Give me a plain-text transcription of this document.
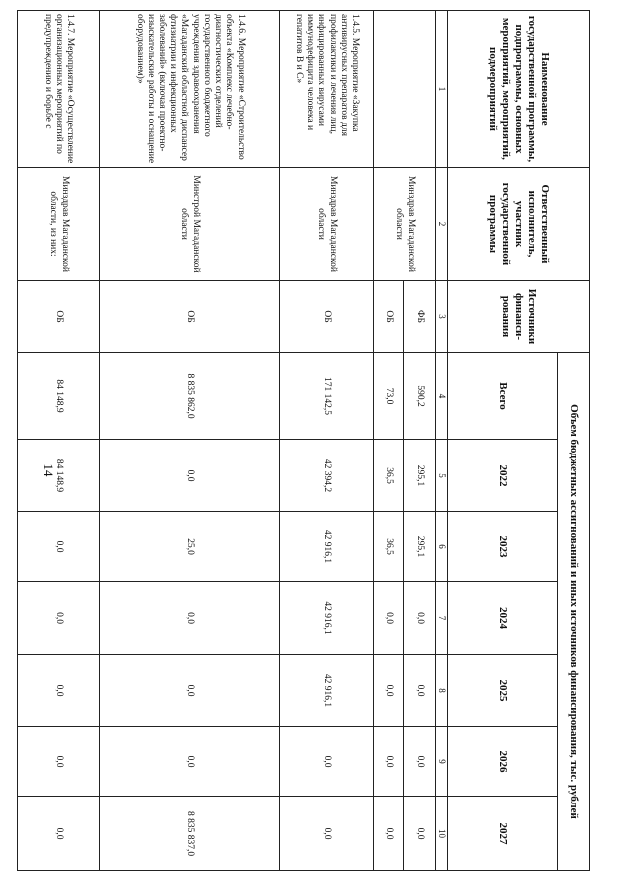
Наименование государственной программы, подпрограммы, основных мероприятий, мероприятий, подмероприятий	Ответственный исполнитель, участник государственной программы	Источники финанси-рования	Объем бюджетных ассигнований и иных источников финансирования, тыс. рублей						
			Всего	2022	2023	2024	2025	2026	2027
1	2	3	4	5	6	7	8	9	10
	Минздрав Магаданской области	ФБ	590,2	295,1	295,1	0,0	0,0	0,0	0,0
		ОБ	73,0	36,5	36,5	0,0	0,0	0,0	0,0
1.4.5. Мероприятие «Закупка антивирусных препаратов для профилактики и лечения лиц, инфицированных вирусами иммунодефицита человека и гепатитов В и С»	Минздрав Магаданской области	ОБ	171 142,5	42 394,2	42 916,1	42 916,1	42 916,1	0,0	0,0
1.4.6. Мероприятие «Строительство объекта «Комплекс лечебно-диагностических отделений государственного бюджетного учреждения здравоохранения «Магаданский областной диспансер фтизиатрии и инфекционных заболеваний» (включая проектно-изыскательские работы и оснащение оборудованием)»	Минстрой Магаданской области	ОБ	8 835 862,0	0,0	25,0	0,0	0,0	0,0	8 835 837,0
1.4.7. Мероприятие «Осуществление организационных мероприятий по предупреждению и борьбе с	Минздрав Магаданской области, из них:	ОБ	84 148,9	84 148,9	0,0	0,0	0,0	0,0	0,0
14
